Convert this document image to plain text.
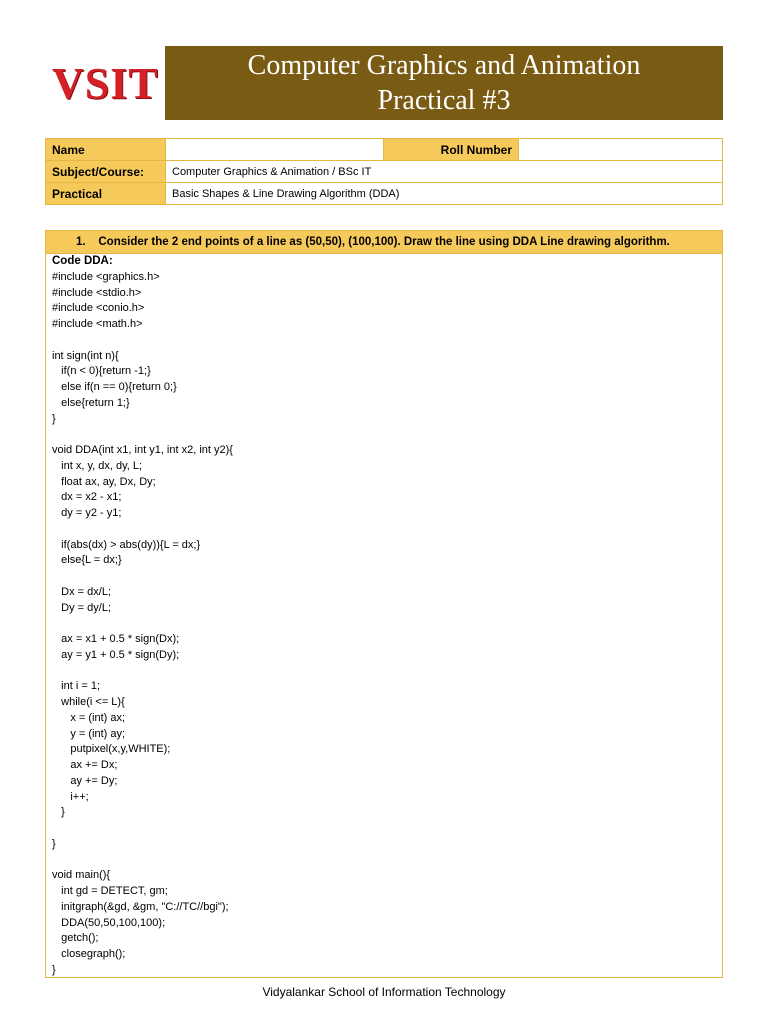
VSIT	Computer Graphics and Animation
Practical #3
Name		Roll Number	
Subject/Course:	Computer Graphics & Animation / BSc IT		
Practical	Basic Shapes & Line Drawing Algorithm (DDA)		
1. Consider the 2 end points of a line as (50,50), (100,100). Draw the line using DDA Line drawing algorithm.
Code DDA:
#include <graphics.h>
#include <stdio.h>
#include <conio.h>
#include <math.h>

int sign(int n){
if(n < 0){return -1;}
else if(n == 0){return 0;}
else{return 1;}
}

void DDA(int x1, int y1, int x2, int y2){
int x, y, dx, dy, L;
float ax, ay, Dx, Dy;
dx = x2 - x1;
dy = y2 - y1;

if(abs(dx) > abs(dy)){L = dx;}
else{L = dx;}

Dx = dx/L;
Dy = dy/L;

ax = x1 + 0.5 * sign(Dx);
ay = y1 + 0.5 * sign(Dy);

int i = 1;
while(i <= L){
x = (int) ax;
y = (int) ay;
putpixel(x,y,WHITE);
ax += Dx;
ay += Dy;
i++;
}

}

void main(){
int gd = DETECT, gm;
initgraph(&gd, &gm, "C://TC//bgi");
DDA(50,50,100,100);
getch();
closegraph();
}

Vidyalankar School of Information Technology
